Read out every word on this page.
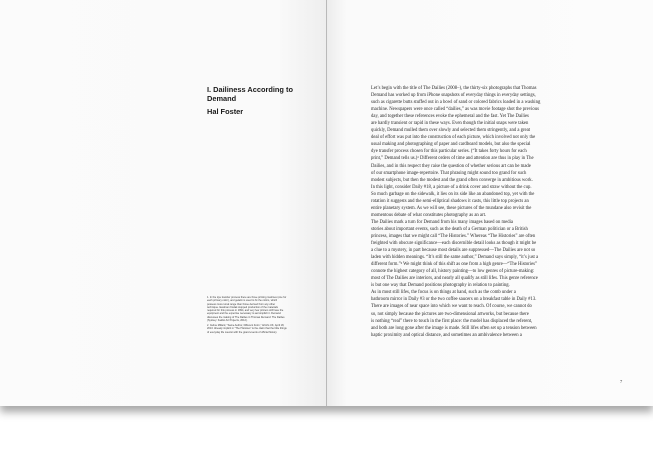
I. Dailiness According to Demand
Hal Foster

1. In the dye transfer process there are three printing matrices (one for each primary color), and gelatin is used to fix the colors, which possess more tonal range than those derived from any other technique. Eastman Kodak stopped production of the materials required for this process in 1994, and very few printers still have the equipment and the expertise necessary to accomplish it. Demand discusses the making of The Dailies in Thomas Demand: The Dailies (Sydney: Kaldor Art Projects, 2012).

2. Celine Millard, "Same Author, Different Form," Artinfo UK, April 18, 2013. Already implicit in "The Histories" is the claim that the little things of everyday life coexist with the grand events of official history.

Let’s begin with the title of The Dailies (2008–), the thirty-six photographs that Thomas
Demand has worked up from iPhone snapshots of everyday things in everyday settings,
such as cigarette butts stuffed out in a bowl of sand or colored fabrics loaded in a washing
machine. Newspapers were once called “dailies,” as was movie footage shot the previous
day, and together these references evoke the ephemeral and the fast. Yet The Dailies
are hardly transient or rapid in these ways. Even though the initial snaps were taken
quickly, Demand mulled them over slowly and selected them stringently, and a great
deal of effort was put into the construction of each picture, which involved not only the
usual making and photographing of paper and cardboard models, but also the special
dye transfer process chosen for this particular series. (“It takes forty hours for each
print,” Demand tells us.)¹ Different orders of time and attention are thus in play in The
Dailies, and in this respect they raise the question of whether serious art can be made
of our smartphone image-repertoire. That phrasing might sound too grand for such
modest subjects, but then the modest and the grand often converge in ambitious work.
In this light, consider Daily #18, a picture of a drink cover and straw without the cup.
So much garbage on the sidewalk, it lies on its side like an abandoned top, yet with the
rotation it suggests and the semi-elliptical shadows it casts, this little top projects an
entire planetary system. As we will see, these pictures of the mundane also revisit the
momentous debate of what constitutes photography as an art.
The Dailies mark a turn for Demand from his many images based on media
stories about important events, such as the death of a German politician or a British
princess, images that we might call “The Histories.” Whereas “The Histories” are often
freighted with obscure significance—each discernible detail looks as though it might be
a clue to a mystery, in part because most details are suppressed—The Dailies are not so
laden with hidden meanings. “It’s still the same author,” Demand says simply, “it’s just a
different form.”² We might think of this shift as one from a high genre—“The Histories”
connote the highest category of all, history painting—to low genres of picture-making:
most of The Dailies are interiors, and nearly all qualify as still lifes. This genre reference
is but one way that Demand positions photography in relation to painting.
As in most still lifes, the focus is on things at hand, such as the comb under a
bathroom mirror in Daily #3 or the two coffee saucers on a breakfast table in Daily #13.
There are images of near space into which we want to reach. Of course, we cannot do
so, not simply because the pictures are two-dimensional artworks, but because there
is nothing “real” there to touch in the first place: the model has displaced the referent,
and both are long gone after the image is made. Still lifes often set up a tension between
haptic proximity and optical distance, and sometimes an ambivalence between a
7
